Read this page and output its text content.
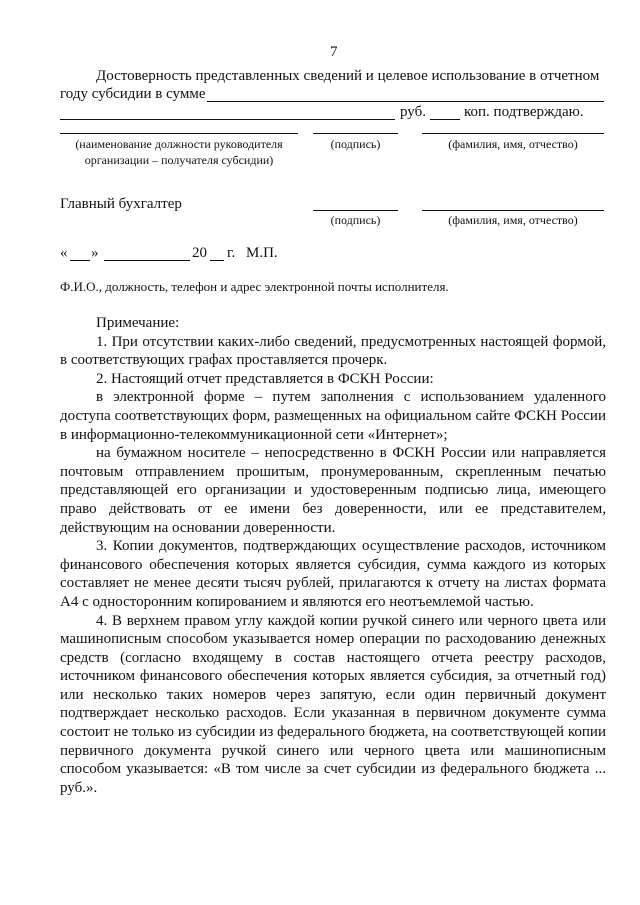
7
Достоверность представленных сведений и целевое использование в отчетном
году субсидии в сумме
руб.	коп. подтверждаю.
(наименование должности руководителя
организации – получателя субсидии)
(подпись)	(фамилия, имя, отчество)
Главный бухгалтер
(подпись)	(фамилия, имя, отчество)
« »	20 г. М.П.
Ф.И.О., должность, телефон и адрес электронной почты исполнителя.

Примечание:

1. При отсутствии каких-либо сведений, предусмотренных настоящей формой, в соответствующих графах проставляется прочерк.

2. Настоящий отчет представляется в ФСКН России:

в электронной форме – путем заполнения с использованием удаленного доступа соответствующих форм, размещенных на официальном сайте ФСКН России в информационно-телекоммуникационной сети «Интернет»;

на бумажном носителе – непосредственно в ФСКН России или направляется почтовым отправлением прошитым, пронумерованным, скрепленным печатью представляющей его организации и удостоверенным подписью лица, имеющего право действовать от ее имени без доверенности, или ее представителем, действующим на основании доверенности.

3. Копии документов, подтверждающих осуществление расходов, источником финансового обеспечения которых является субсидия, сумма каждого из которых составляет не менее десяти тысяч рублей, прилагаются к отчету на листах формата А4 с односторонним копированием и являются его неотъемлемой частью.

4. В верхнем правом углу каждой копии ручкой синего или черного цвета или машинописным способом указывается номер операции по расходованию денежных средств (согласно входящему в состав настоящего отчета реестру расходов, источником финансового обеспечения которых является субсидия, за отчетный год) или несколько таких номеров через запятую, если один первичный документ подтверждает несколько расходов. Если указанная в первичном документе сумма состоит не только из субсидии из федерального бюджета, на соответствующей копии первичного документа ручкой синего или черного цвета или машинописным способом указывается: «В том числе за счет субсидии из федерального бюджета ... руб.».
